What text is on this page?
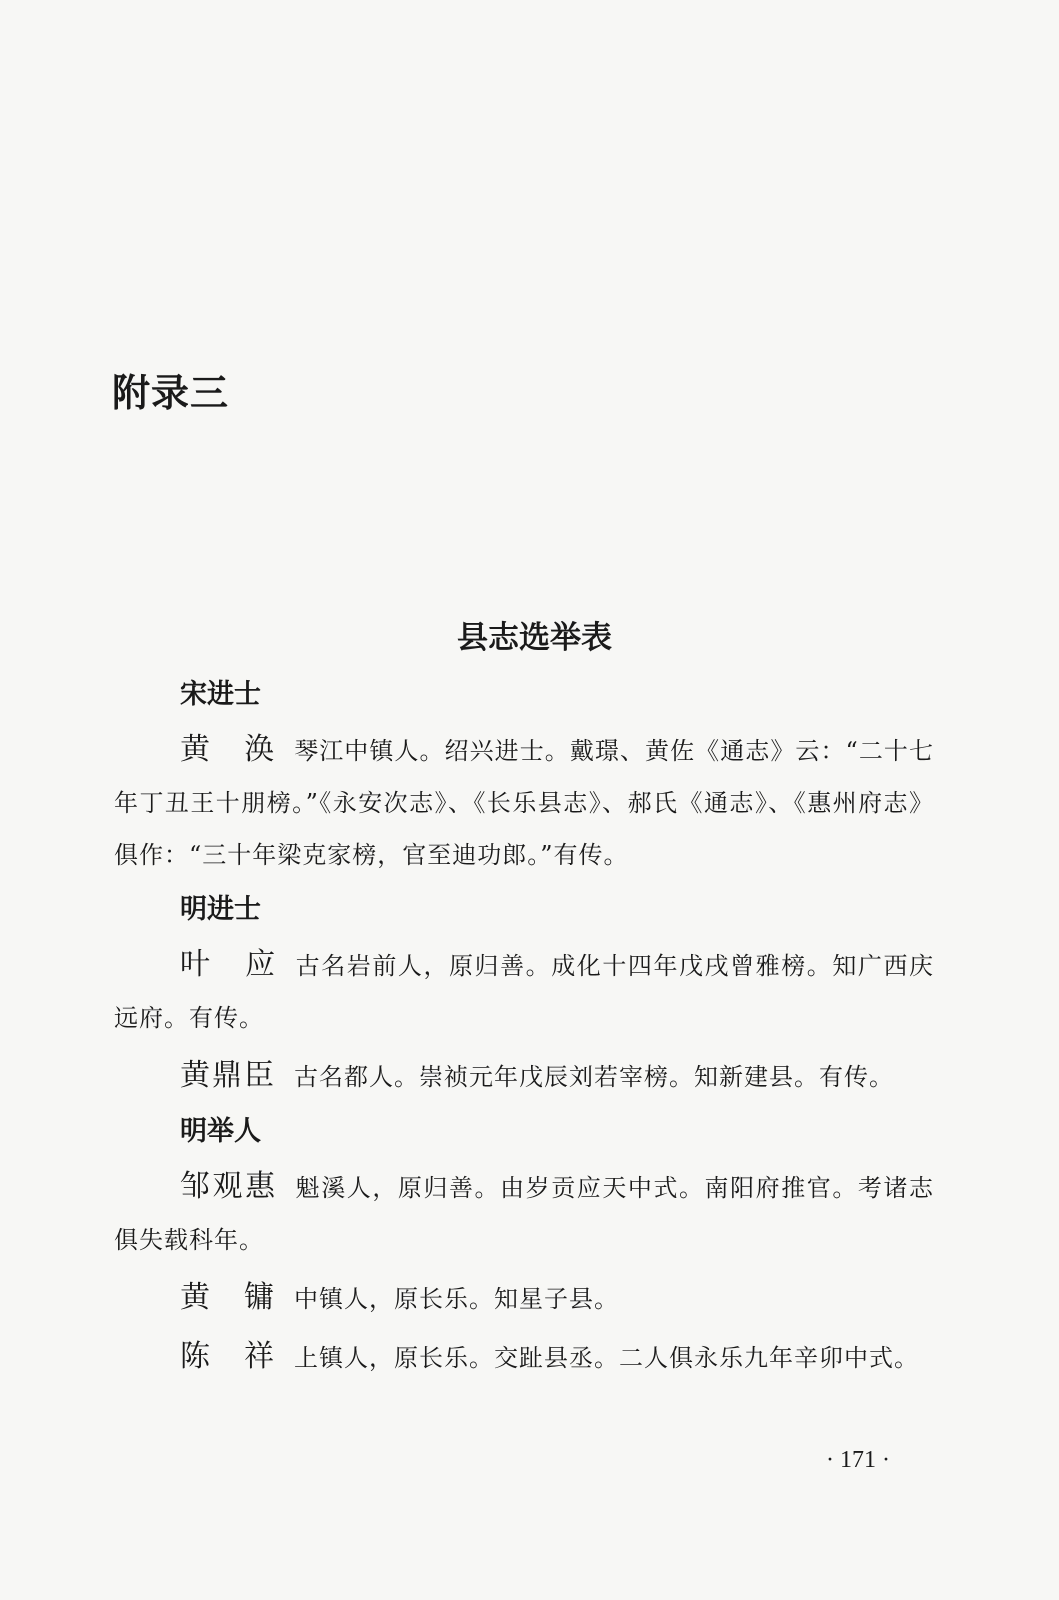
附录三
县志选举表
宋进士

黄　涣 琴江中镇人。绍兴进士。戴璟、黄佐《通志》云：“二十七年丁丑王十朋榜。”《永安次志》、《长乐县志》、郝氏《通志》、《惠州府志》俱作：“三十年梁克家榜，官至迪功郎。”有传。

明进士

叶　应 古名岩前人，原归善。成化十四年戊戌曾雅榜。知广西庆远府。有传。

黄鼎臣 古名都人。崇祯元年戊辰刘若宰榜。知新建县。有传。

明举人

邹观惠 魁溪人，原归善。由岁贡应天中式。南阳府推官。考诸志俱失载科年。

黄　镛 中镇人，原长乐。知星子县。

陈　祥 上镇人，原长乐。交趾县丞。二人俱永乐九年辛卯中式。

· 171 ·
